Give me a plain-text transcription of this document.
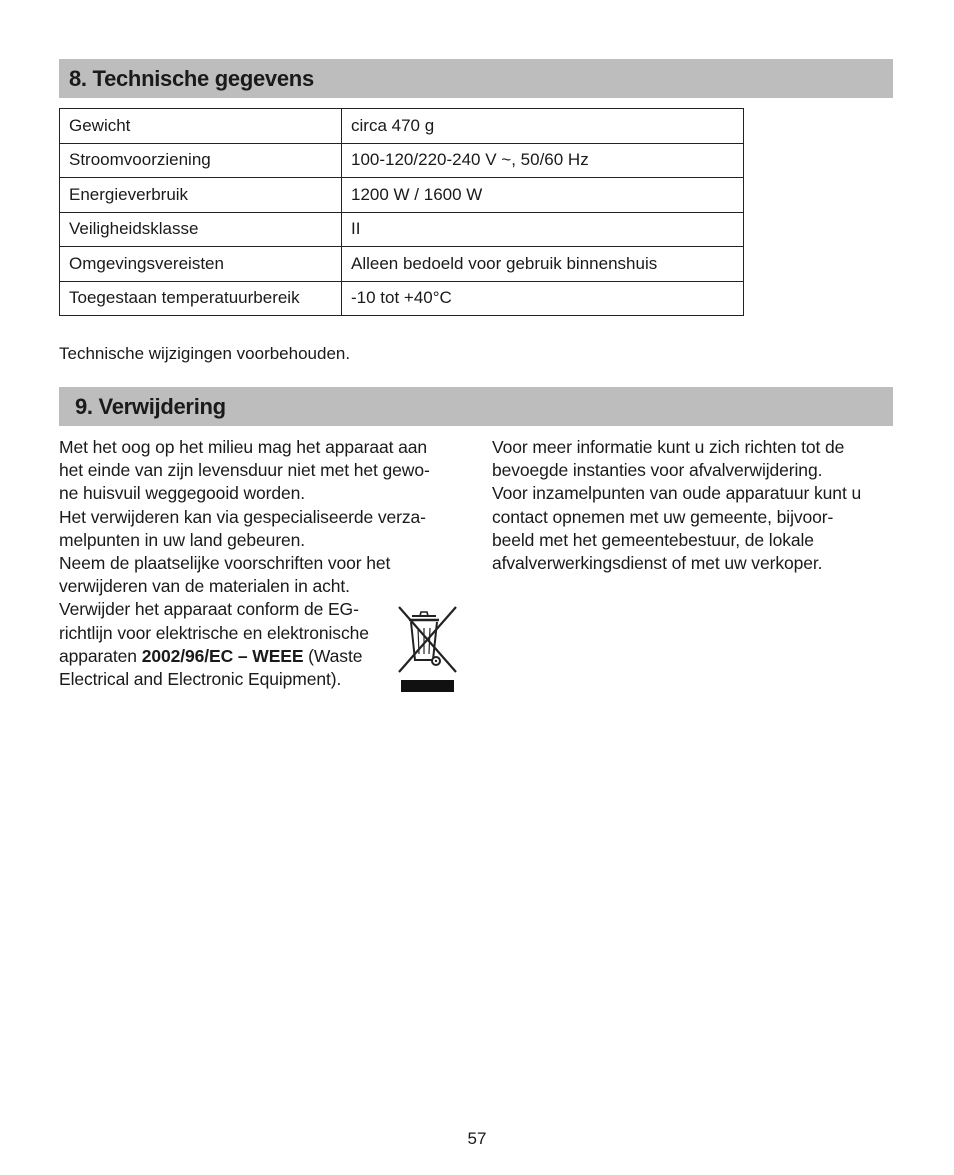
8. Technische gegevens
Gewicht	circa 470 g
Stroomvoorziening	100-120/220-240 V ~, 50/60 Hz
Energieverbruik	1200 W / 1600 W
Veiligheidsklasse	II
Omgevingsvereisten	Alleen bedoeld voor gebruik binnenshuis
Toegestaan temperatuurbereik	-10 tot +40°C
Technische wijzigingen voorbehouden.
9. Verwijdering
Met het oog op het milieu mag het apparaat aan
het einde van zijn levensduur niet met het gewo-
ne huisvuil weggegooid worden.
Het verwijderen kan via gespecialiseerde verza-
melpunten in uw land gebeuren.
Neem de plaatselijke voorschriften voor het
verwijderen van de materialen in acht.
Verwijder het apparaat conform de EG-
richtlijn voor elektrische en elektronische
apparaten 2002/96/EC – WEEE (Waste
Electrical and Electronic Equipment).
Voor meer informatie kunt u zich richten tot de
bevoegde instanties voor afvalverwijdering.
Voor inzamelpunten van oude apparatuur kunt u
contact opnemen met uw gemeente, bijvoor-
beeld met het gemeentebestuur, de lokale
afvalverwerkingsdienst of met uw verkoper.
57
